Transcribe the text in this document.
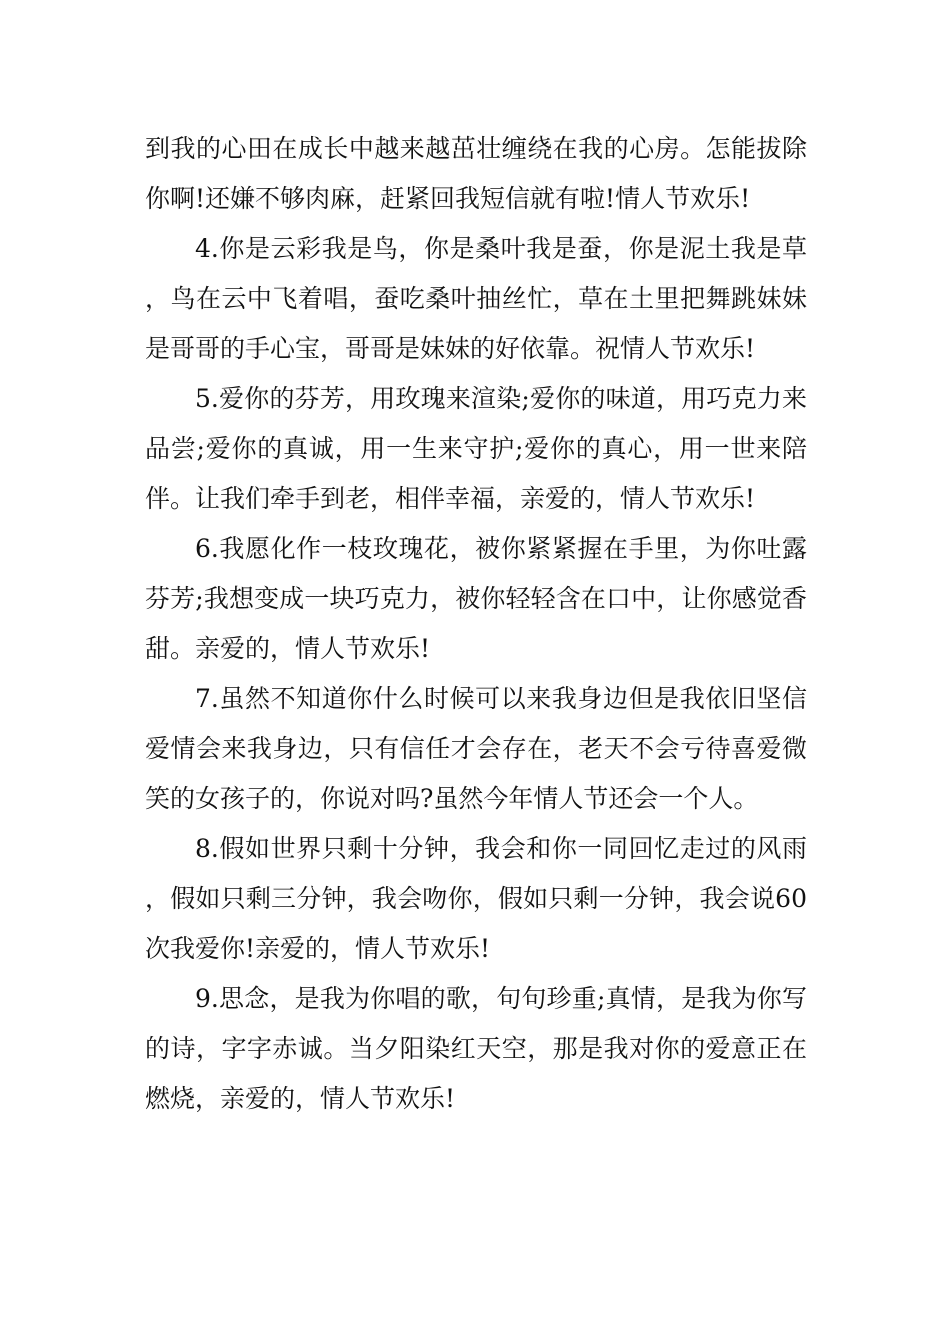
到我的心田在成长中越来越茁壮缠绕在我的心房。怎能拔除你啊!还嫌不够肉麻，赶紧回我短信就有啦!情人节欢乐!

4.你是云彩我是鸟，你是桑叶我是蚕，你是泥土我是草，鸟在云中飞着唱，蚕吃桑叶抽丝忙，草在土里把舞跳妹妹是哥哥的手心宝，哥哥是妹妹的好依靠。祝情人节欢乐!

5.爱你的芬芳，用玫瑰来渲染;爱你的味道，用巧克力来品尝;爱你的真诚，用一生来守护;爱你的真心，用一世来陪伴。让我们牵手到老，相伴幸福，亲爱的，情人节欢乐!

6.我愿化作一枝玫瑰花，被你紧紧握在手里，为你吐露芬芳;我想变成一块巧克力，被你轻轻含在口中，让你感觉香甜。亲爱的，情人节欢乐!

7.虽然不知道你什么时候可以来我身边但是我依旧坚信爱情会来我身边，只有信任才会存在，老天不会亏待喜爱微笑的女孩子的，你说对吗?虽然今年情人节还会一个人。

8.假如世界只剩十分钟，我会和你一同回忆走过的风雨，假如只剩三分钟，我会吻你，假如只剩一分钟，我会说60次我爱你!亲爱的，情人节欢乐!

9.思念，是我为你唱的歌，句句珍重;真情，是我为你写的诗，字字赤诚。当夕阳染红天空，那是我对你的爱意正在燃烧，亲爱的，情人节欢乐!
